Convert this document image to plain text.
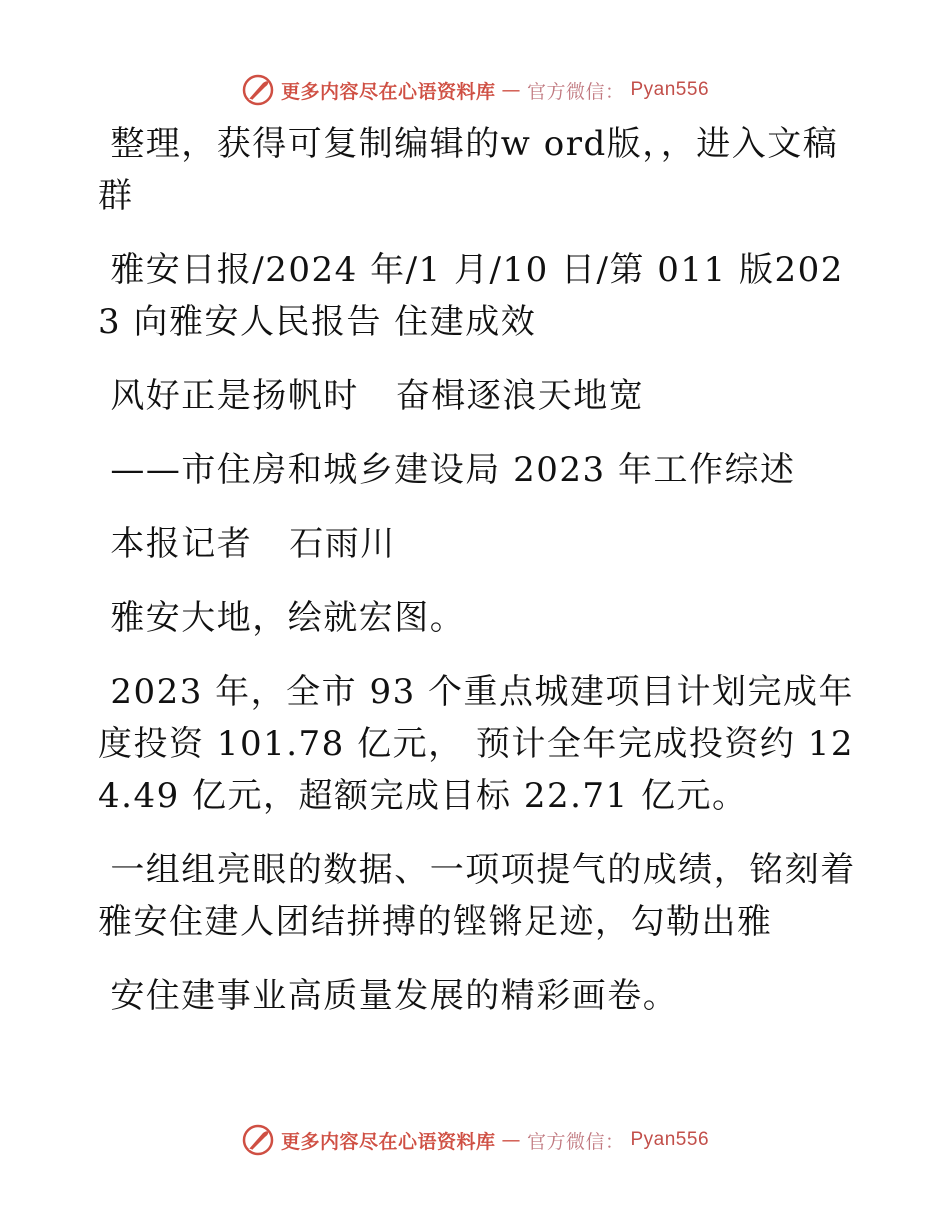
更多内容尽在心语资料库 — 官方微信： Pyan556

整理，获得可复制编辑的w ord版，，进入文稿群

雅安日报/2024 年/1 月/10 日/第 011 版2023 向雅安人民报告 住建成效

风好正是扬帆时   奋楫逐浪天地宽

——市住房和城乡建设局 2023 年工作综述

本报记者   石雨川

雅安大地，绘就宏图。

2023 年，全市 93 个重点城建项目计划完成年度投资 101.78 亿元， 预计全年完成投资约 124.49 亿元，超额完成目标 22.71 亿元。

一组组亮眼的数据、一项项提气的成绩，铭刻着雅安住建人团结拼搏的铿锵足迹，勾勒出雅

安住建事业高质量发展的精彩画卷。

更多内容尽在心语资料库 — 官方微信： Pyan556
